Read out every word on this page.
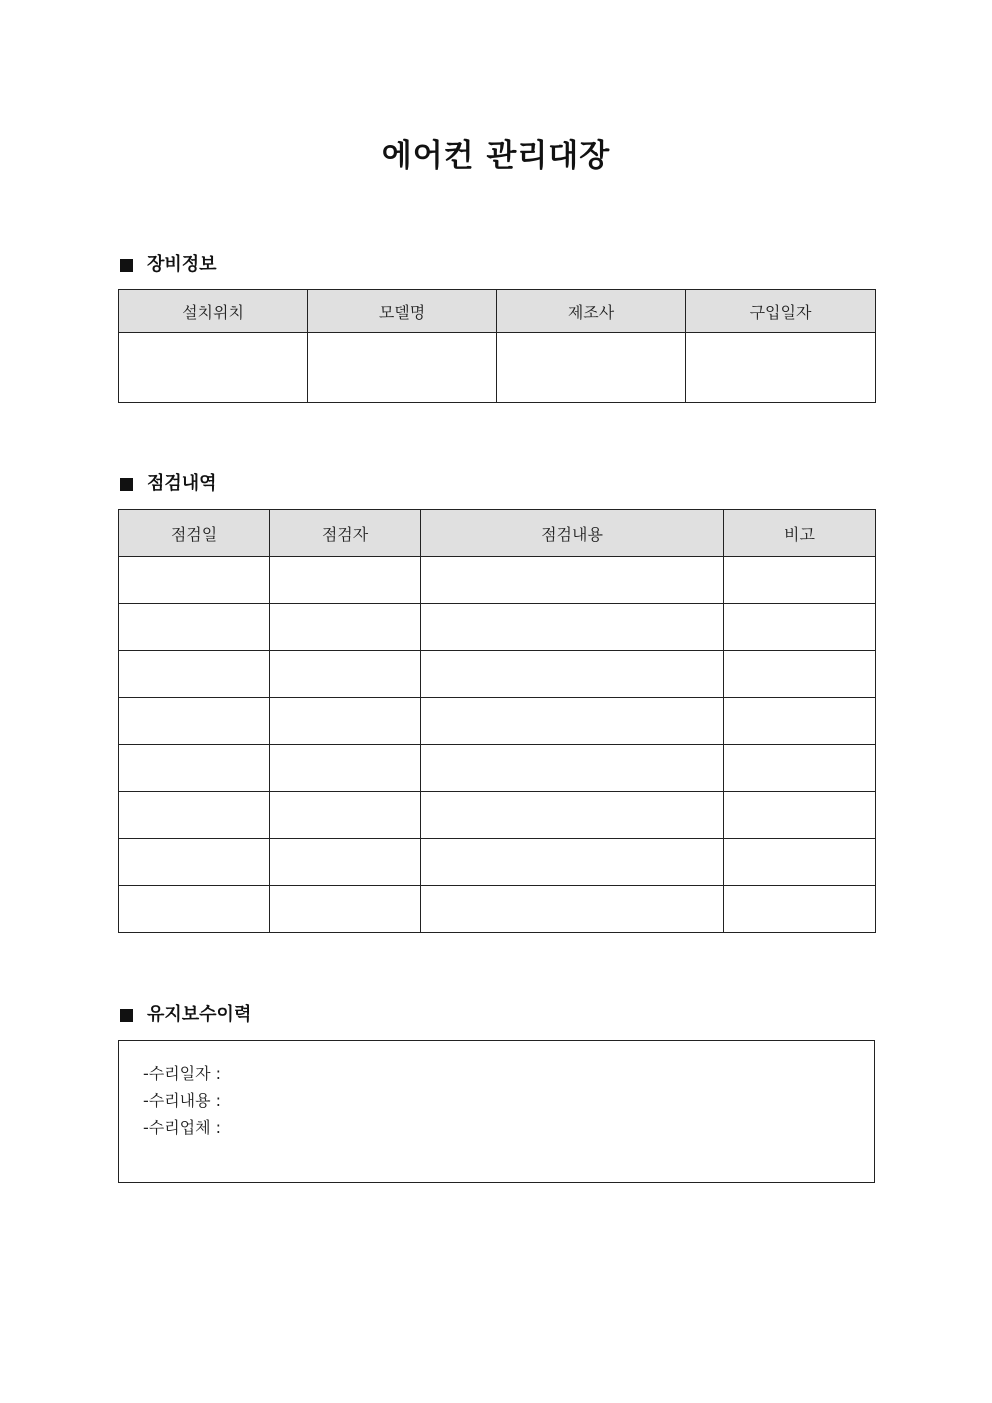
에어컨 관리대장
장비정보
설치위치	모델명	제조사	구입일자

점검내역
점검일	점검자	점검내용	비고

유지보수이력
-수리일자 :
-수리내용 :
-수리업체 :
